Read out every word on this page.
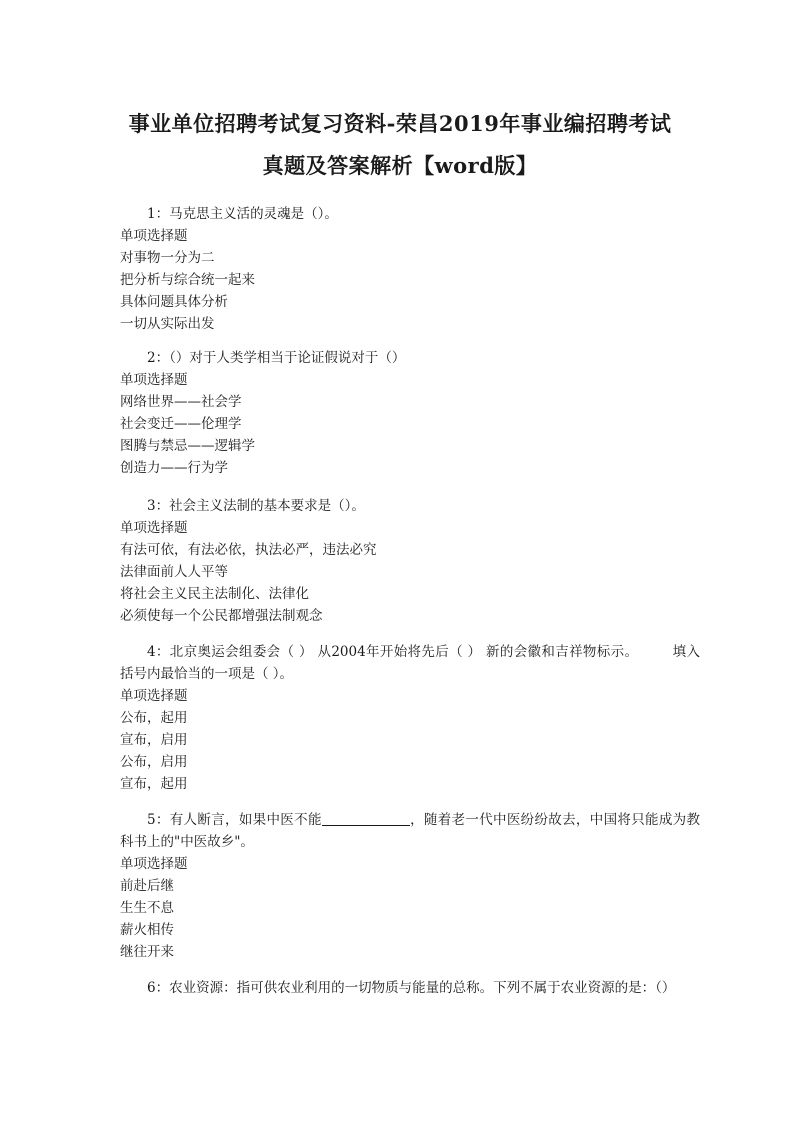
事业单位招聘考试复习资料-荣昌2019年事业编招聘考试
真题及答案解析【word版】

1：马克思主义活的灵魂是（）。

单项选择题

对事物一分为二

把分析与综合统一起来

具体问题具体分析

一切从实际出发

2：（）对于人类学相当于论证假说对于（）

单项选择题

网络世界——社会学

社会变迁——伦理学

图腾与禁忌——逻辑学

创造力——行为学

3：社会主义法制的基本要求是（）。

单项选择题

有法可依，有法必依，执法必严，违法必究

法律面前人人平等

将社会主义民主法制化、法律化

必须使每一个公民都增强法制观念

4：北京奥运会组委会（ ） 从2004年开始将先后（ ） 新的会徽和吉祥物标示。	填入括号内最恰当的一项是（ ）。

单项选择题

公布，起用

宣布，启用

公布，启用

宣布，起用

5：有人断言，如果中医不能	，随着老一代中医纷纷故去，中国将只能成为教科书上的"中医故乡"。

单项选择题

前赴后继

生生不息

薪火相传

继往开来

6：农业资源：指可供农业利用的一切物质与能量的总称。下列不属于农业资源的是：（）
